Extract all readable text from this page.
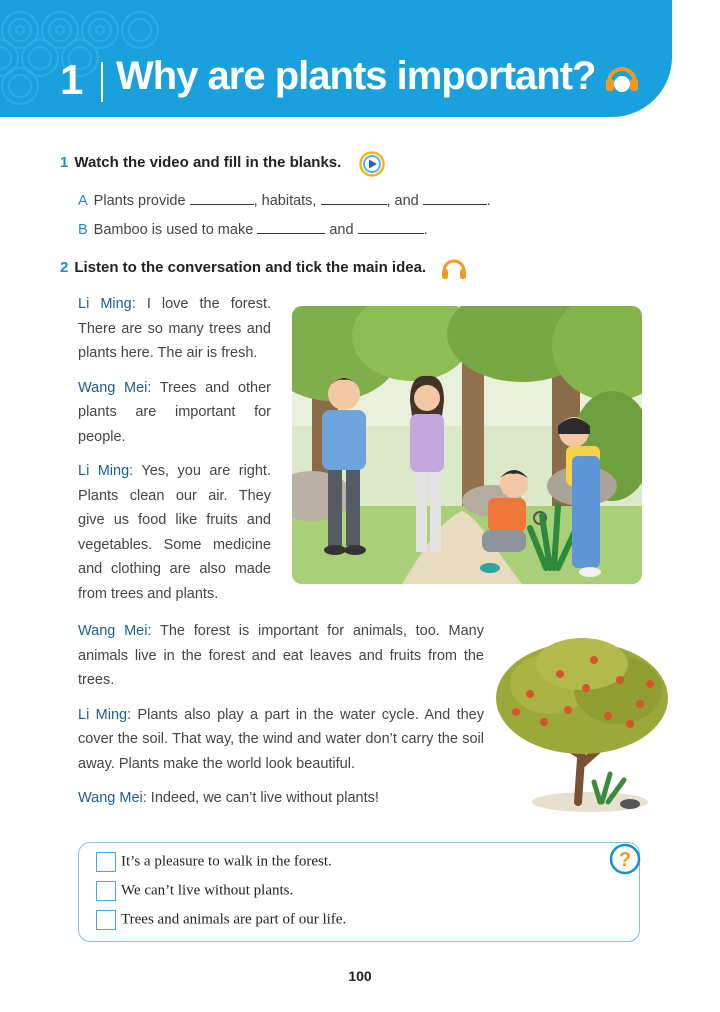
1 Why are plants important?
1 Watch the video and fill in the blanks.
A Plants provide	, habitats,	, and	.
B Bamboo is used to make	and	.
2 Listen to the conversation and tick the main idea.

Li Ming: I love the forest. There are so many trees and plants here. The air is fresh.

Wang Mei: Trees and other plants are important for people.

Li Ming: Yes, you are right. Plants clean our air. They give us food like fruits and vegetables. Some medicine and clothing are also made from trees and plants.

Wang Mei: The forest is important for animals, too. Many animals live in the forest and eat leaves and fruits from the trees.

Li Ming: Plants also play a part in the water cycle. And they cover the soil. That way, the wind and water don’t carry the soil away. Plants make the world look beautiful.

Wang Mei: Indeed, we can’t live without plants!

?
It’s a pleasure to walk in the forest.
We can’t live without plants.
Trees and animals are part of our life.
100
